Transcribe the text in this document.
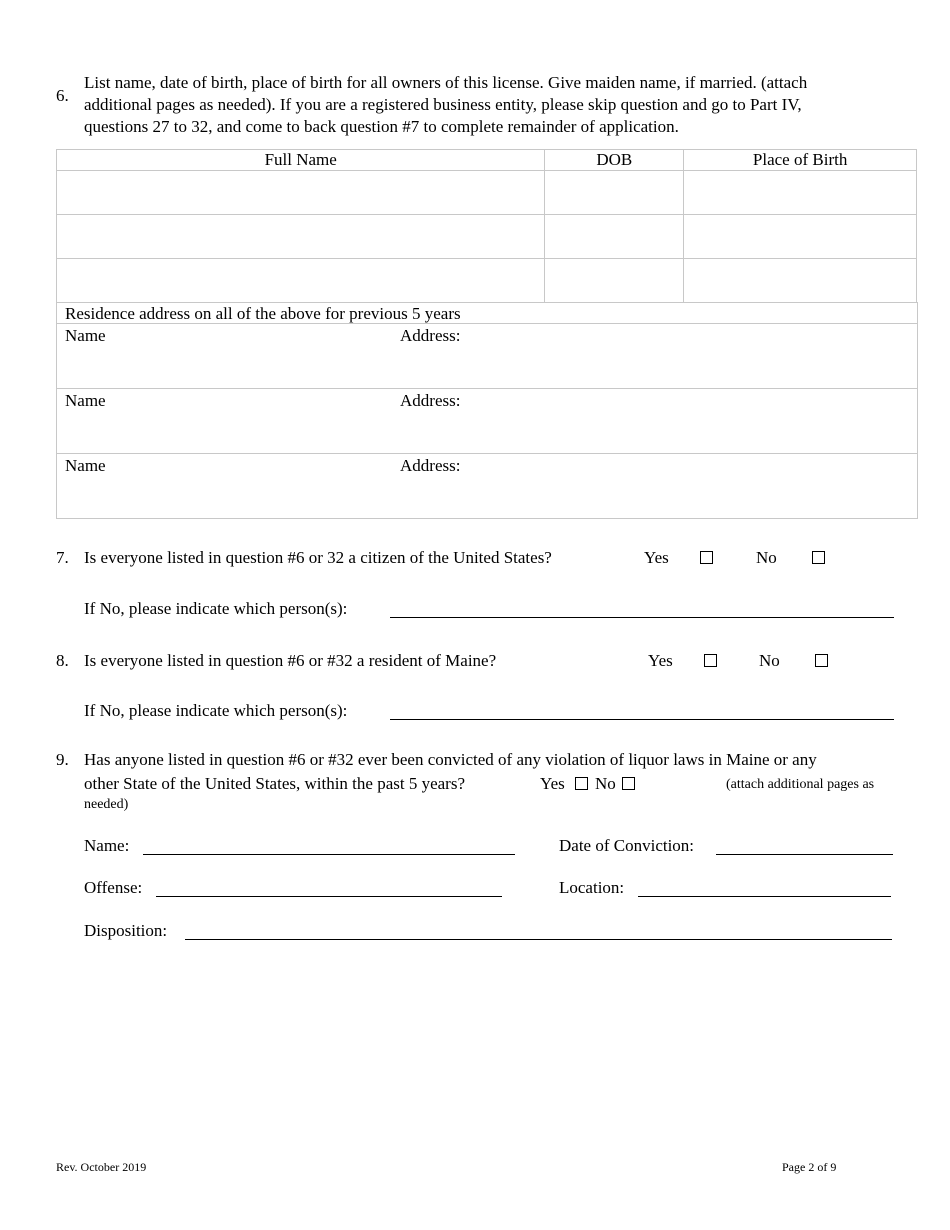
6.
List name, date of birth, place of birth for all owners of this license. Give maiden name, if married. (attach
additional pages as needed). If you are a registered business entity, please skip question and go to Part IV,
questions 27 to 32, and come to back question #7 to complete remainder of application.
Full Name	DOB	Place of Birth

Residence address on all of the above for previous 5 years
Name	Address:
Name	Address:
Name	Address:
7. Is everyone listed in question #6 or 32 a citizen of the United States?	Yes	No
If No, please indicate which person(s):
8. Is everyone listed in question #6 or #32 a resident of Maine?	Yes	No
If No, please indicate which person(s):
9. Has anyone listed in question #6 or #32 ever been convicted of any violation of liquor laws in Maine or any
other State of the United States, within the past 5 years?	Yes No	(attach additional pages as
needed)
Name:	Date of Conviction:
Offense:	Location:
Disposition:
Rev. October 2019	Page 2 of 9
